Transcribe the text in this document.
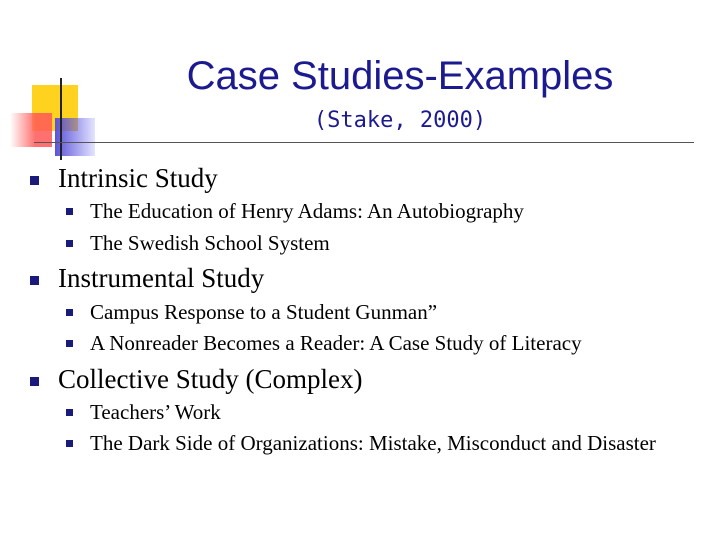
Case Studies-Examples
(Stake, 2000)
Intrinsic Study
The Education of Henry Adams: An Autobiography
The Swedish School System
Instrumental Study
Campus Response to a Student Gunman”
A Nonreader Becomes a Reader: A Case Study of Literacy
Collective Study (Complex)
Teachers’ Work
The Dark Side of Organizations: Mistake, Misconduct and Disaster
